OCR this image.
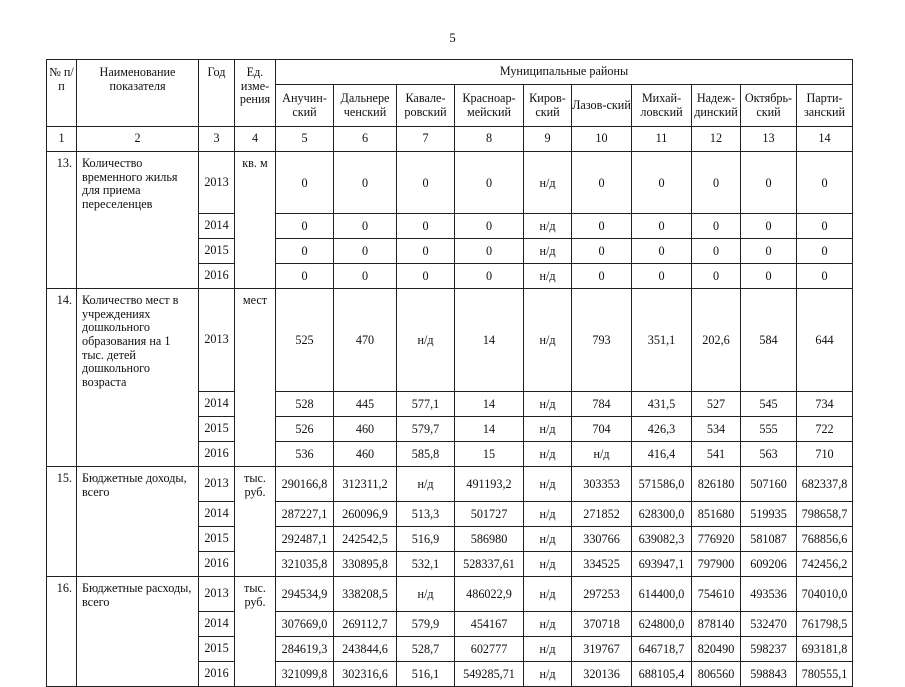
5
№ п/п	Наименование показателя	Год	Ед. изме-рения	Муниципальные районы									
				Анучин-ский	Дальнере ченский	Кавале-ровский	Красноар-мейский	Киров-ский	Лазов-ский	Михай-ловский	Надеж-динский	Октябрь-ский	Парти-занский
1	2	3	4	5	6	7	8	9	10	11	12	13	14
13.	Количество временного жилья для приема переселенцев	2013	кв. м	0	0	0	0	н/д	0	0	0	0	0
		2014		0	0	0	0	н/д	0	0	0	0	0
		2015		0	0	0	0	н/д	0	0	0	0	0
		2016		0	0	0	0	н/д	0	0	0	0	0
14.	Количество мест в учреждениях дошкольного образования на 1 тыс. детей дошкольного возраста	2013	мест	525	470	н/д	14	н/д	793	351,1	202,6	584	644
		2014		528	445	577,1	14	н/д	784	431,5	527	545	734
		2015		526	460	579,7	14	н/д	704	426,3	534	555	722
		2016		536	460	585,8	15	н/д	н/д	416,4	541	563	710
15.	Бюджетные доходы, всего	2013	тыс. руб.	290166,8	312311,2	н/д	491193,2	н/д	303353	571586,0	826180	507160	682337,8
		2014		287227,1	260096,9	513,3	501727	н/д	271852	628300,0	851680	519935	798658,7
		2015		292487,1	242542,5	516,9	586980	н/д	330766	639082,3	776920	581087	768856,6
		2016		321035,8	330895,8	532,1	528337,61	н/д	334525	693947,1	797900	609206	742456,2
16.	Бюджетные расходы, всего	2013	тыс. руб.	294534,9	338208,5	н/д	486022,9	н/д	297253	614400,0	754610	493536	704010,0
		2014		307669,0	269112,7	579,9	454167	н/д	370718	624800,0	878140	532470	761798,5
		2015		284619,3	243844,6	528,7	602777	н/д	319767	646718,7	820490	598237	693181,8
		2016		321099,8	302316,6	516,1	549285,71	н/д	320136	688105,4	806560	598843	780555,1
